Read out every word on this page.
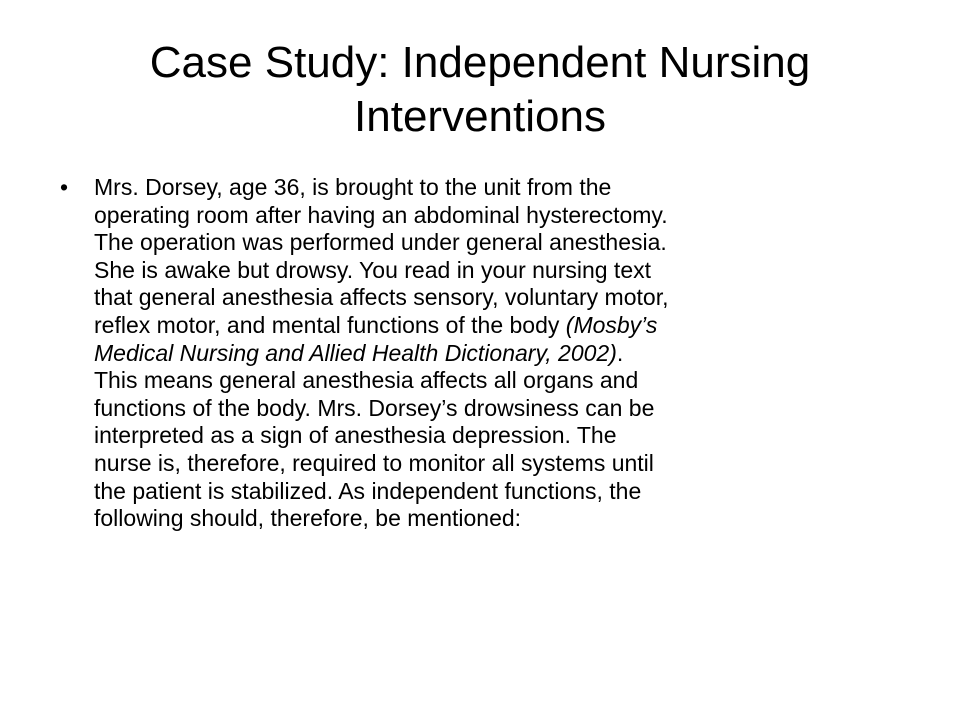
Case Study: Independent Nursing
Interventions
• Mrs. Dorsey, age 36, is brought to the unit from the
operating room after having an abdominal hysterectomy.
The operation was performed under general anesthesia.
She is awake but drowsy. You read in your nursing text
that general anesthesia affects sensory, voluntary motor,
reflex motor, and mental functions of the body (Mosby’s
Medical Nursing and Allied Health Dictionary, 2002).
This means general anesthesia affects all organs and
functions of the body. Mrs. Dorsey’s drowsiness can be
interpreted as a sign of anesthesia depression. The
nurse is, therefore, required to monitor all systems until
the patient is stabilized. As independent functions, the
following should, therefore, be mentioned:
